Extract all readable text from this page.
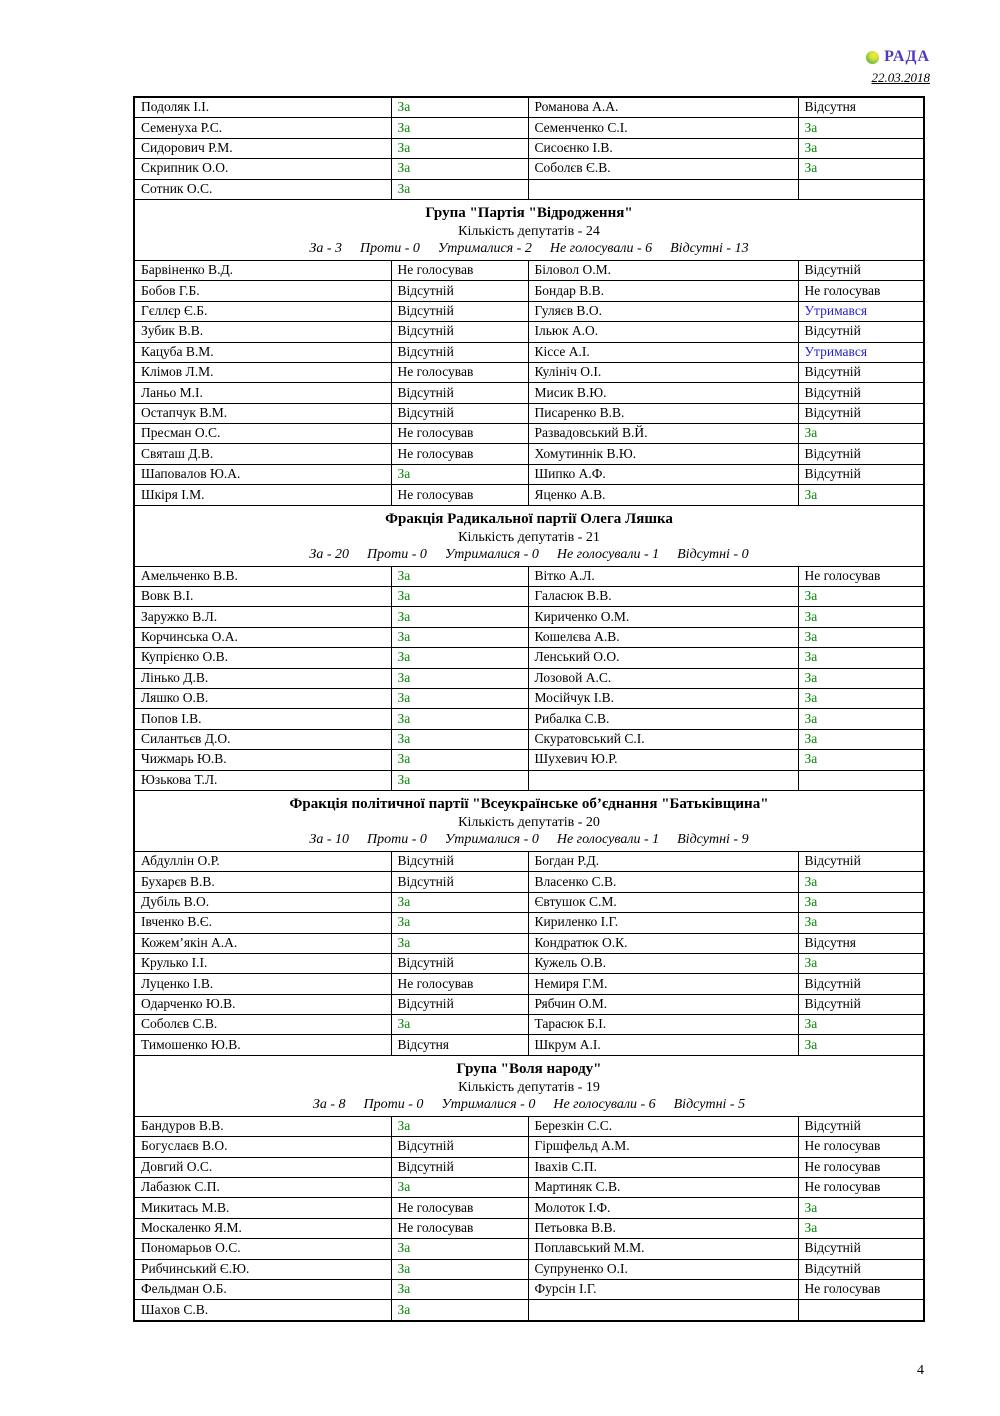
РАДА
22.03.2018
Подоляк І.І.	За	Романова А.А.	Відсутня
Семенуха Р.С.	За	Семенченко С.І.	За
Сидорович Р.М.	За	Сисоєнко І.В.	За
Скрипник О.О.	За	Соболєв Є.В.	За
Сотник О.С.	За		

Група "Партія "Відродження"
Кількість депутатів - 24
За - 3 Проти - 0 Утрималися - 2 Не голосували - 6 Відсутні - 13			

Барвіненко В.Д.	Не голосував	Біловол О.М.	Відсутній
Бобов Г.Б.	Відсутній	Бондар В.В.	Не голосував
Гєллєр Є.Б.	Відсутній	Гуляєв В.О.	Утримався
Зубик В.В.	Відсутній	Ільюк А.О.	Відсутній
Кацуба В.М.	Відсутній	Кіссе А.І.	Утримався
Клімов Л.М.	Не голосував	Кулініч О.І.	Відсутній
Ланьо М.І.	Відсутній	Мисик В.Ю.	Відсутній
Остапчук В.М.	Відсутній	Писаренко В.В.	Відсутній
Пресман О.С.	Не голосував	Развадовський В.Й.	За
Святаш Д.В.	Не голосував	Хомутиннік В.Ю.	Відсутній
Шаповалов Ю.А.	За	Шипко А.Ф.	Відсутній
Шкіря І.М.	Не голосував	Яценко А.В.	За

Фракція Радикальної партії Олега Ляшка
Кількість депутатів - 21
За - 20 Проти - 0 Утрималися - 0 Не голосували - 1 Відсутні - 0			

Амельченко В.В.	За	Вітко А.Л.	Не голосував
Вовк В.І.	За	Галасюк В.В.	За
Заружко В.Л.	За	Кириченко О.М.	За
Корчинська О.А.	За	Кошелєва А.В.	За
Купрієнко О.В.	За	Ленський О.О.	За
Лінько Д.В.	За	Лозовой А.С.	За
Ляшко О.В.	За	Мосійчук І.В.	За
Попов І.В.	За	Рибалка С.В.	За
Силантьєв Д.О.	За	Скуратовський С.І.	За
Чижмарь Ю.В.	За	Шухевич Ю.Р.	За
Юзькова Т.Л.	За		

Фракція політичної партії "Всеукраїнське об’єднання "Батьківщина"
Кількість депутатів - 20
За - 10 Проти - 0 Утрималися - 0 Не голосували - 1 Відсутні - 9			

Абдуллін О.Р.	Відсутній	Богдан Р.Д.	Відсутній
Бухарєв В.В.	Відсутній	Власенко С.В.	За
Дубіль В.О.	За	Євтушок С.М.	За
Івченко В.Є.	За	Кириленко І.Г.	За
Кожем’якін А.А.	За	Кондратюк О.К.	Відсутня
Крулько І.І.	Відсутній	Кужель О.В.	За
Луценко І.В.	Не голосував	Немиря Г.М.	Відсутній
Одарченко Ю.В.	Відсутній	Рябчин О.М.	Відсутній
Соболєв С.В.	За	Тарасюк Б.І.	За
Тимошенко Ю.В.	Відсутня	Шкрум А.І.	За

Група "Воля народу"
Кількість депутатів - 19
За - 8 Проти - 0 Утрималися - 0 Не голосували - 6 Відсутні - 5			

Бандуров В.В.	За	Березкін С.С.	Відсутній
Богуслаєв В.О.	Відсутній	Гіршфельд А.М.	Не голосував
Довгий О.С.	Відсутній	Івахів С.П.	Не голосував
Лабазюк С.П.	За	Мартиняк С.В.	Не голосував
Микитась М.В.	Не голосував	Молоток І.Ф.	За
Москаленко Я.М.	Не голосував	Петьовка В.В.	За
Пономарьов О.С.	За	Поплавський М.М.	Відсутній
Рибчинський Є.Ю.	За	Супруненко О.І.	Відсутній
Фельдман О.Б.	За	Фурсін І.Г.	Не голосував
Шахов С.В.	За		
4
